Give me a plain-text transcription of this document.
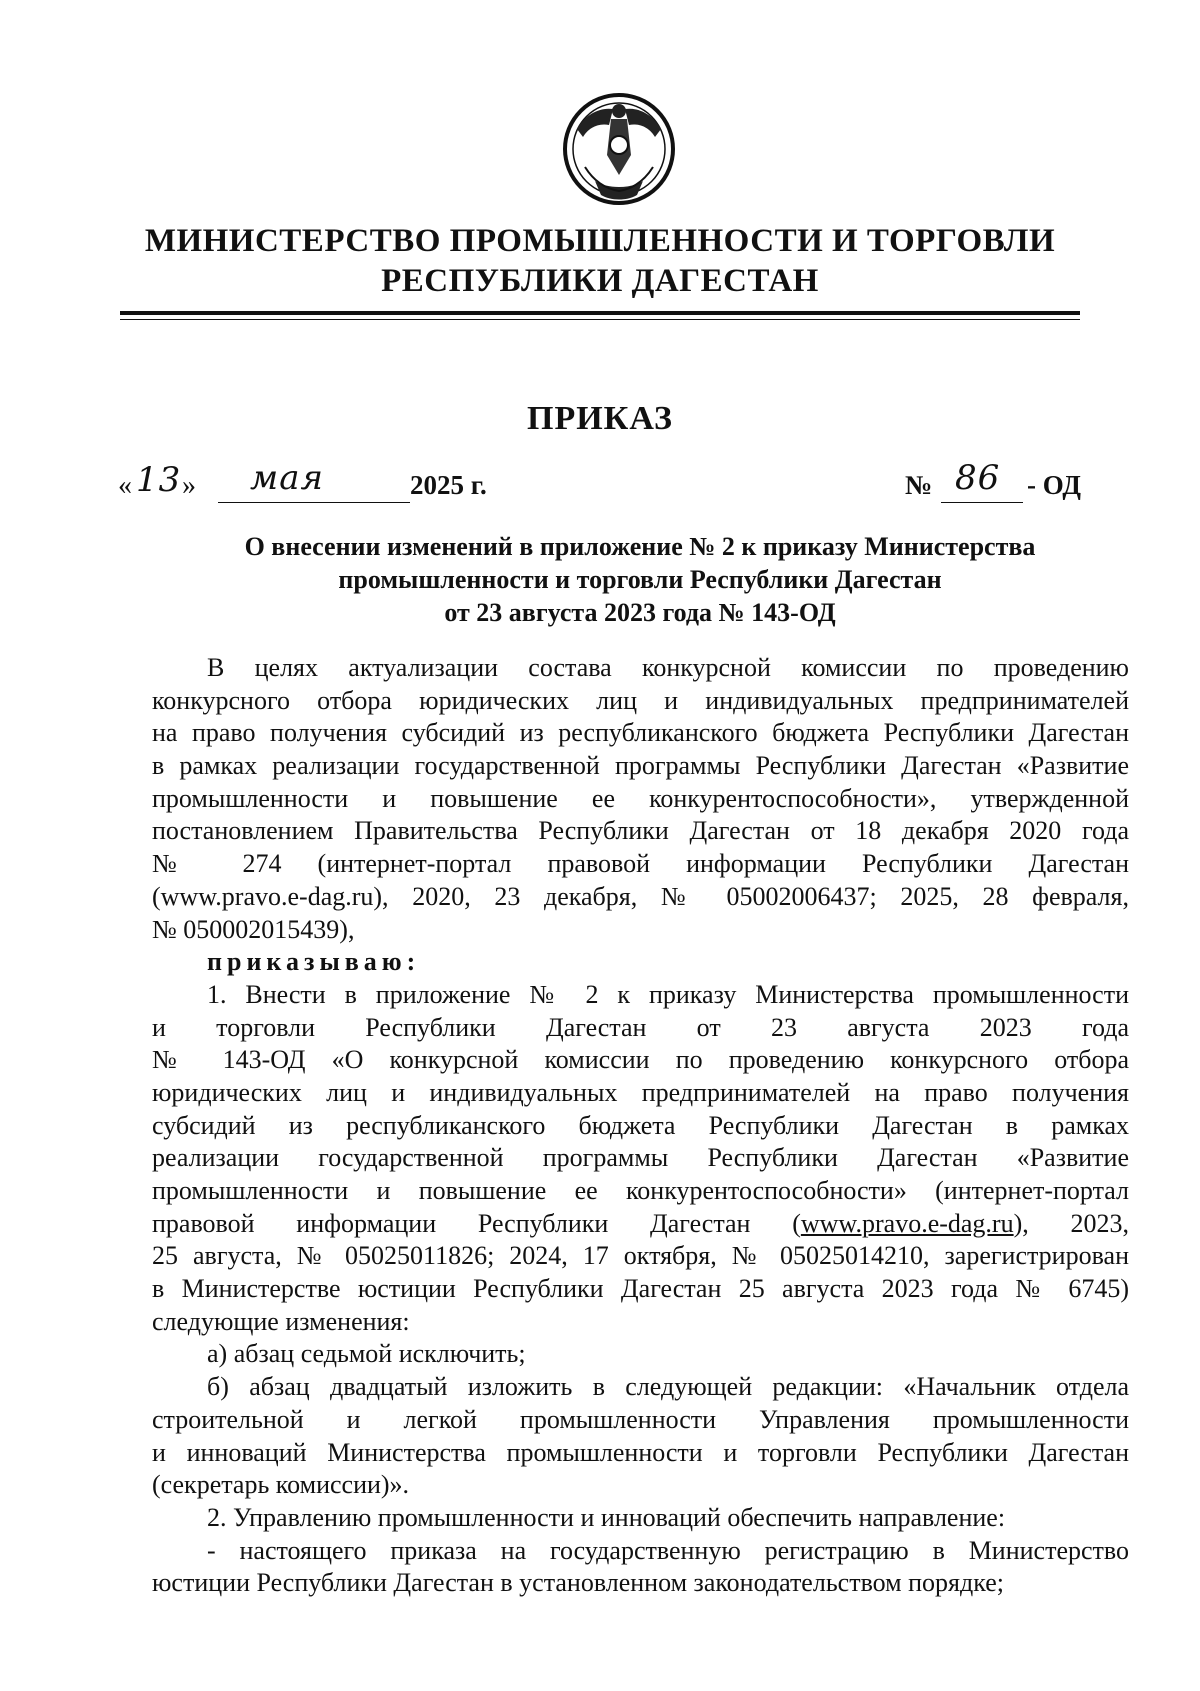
МИНИСТЕРСТВО ПРОМЫШЛЕННОСТИ И ТОРГОВЛИ
РЕСПУБЛИКИ ДАГЕСТАН
ПРИКАЗ
« 13 » мая	2025 г.	№ 86 - ОД
О внесении изменений в приложение № 2 к приказу Министерства
промышленности и торговли Республики Дагестан
от 23 августа 2023 года № 143-ОД
В целях актуализации состава конкурсной комиссии по проведению
конкурсного отбора юридических лиц и индивидуальных предпринимателей
на право получения субсидий из республиканского бюджета Республики Дагестан
в рамках реализации государственной программы Республики Дагестан «Развитие
промышленности и повышение ее конкурентоспособности», утвержденной
постановлением Правительства Республики Дагестан от 18 декабря 2020 года
№ 274 (интернет-портал правовой информации Республики Дагестан
(www.pravo.e-dag.ru), 2020, 23 декабря, № 05002006437; 2025, 28 февраля,
№ 050002015439),
приказываю:
1. Внести в приложение № 2 к приказу Министерства промышленности
и торговли Республики Дагестан от 23 августа 2023 года
№ 143-ОД «О конкурсной комиссии по проведению конкурсного отбора
юридических лиц и индивидуальных предпринимателей на право получения
субсидий из республиканского бюджета Республики Дагестан в рамках
реализации государственной программы Республики Дагестан «Развитие
промышленности и повышение ее конкурентоспособности» (интернет-портал
правовой информации Республики Дагестан (www.pravo.e-dag.ru), 2023,
25 августа, № 05025011826; 2024, 17 октября, № 05025014210, зарегистрирован
в Министерстве юстиции Республики Дагестан 25 августа 2023 года № 6745)
следующие изменения:
а) абзац седьмой исключить;
б) абзац двадцатый изложить в следующей редакции: «Начальник отдела
строительной и легкой промышленности Управления промышленности
и инноваций Министерства промышленности и торговли Республики Дагестан
(секретарь комиссии)».
2. Управлению промышленности и инноваций обеспечить направление:
- настоящего приказа на государственную регистрацию в Министерство
юстиции Республики Дагестан в установленном законодательством порядке;
